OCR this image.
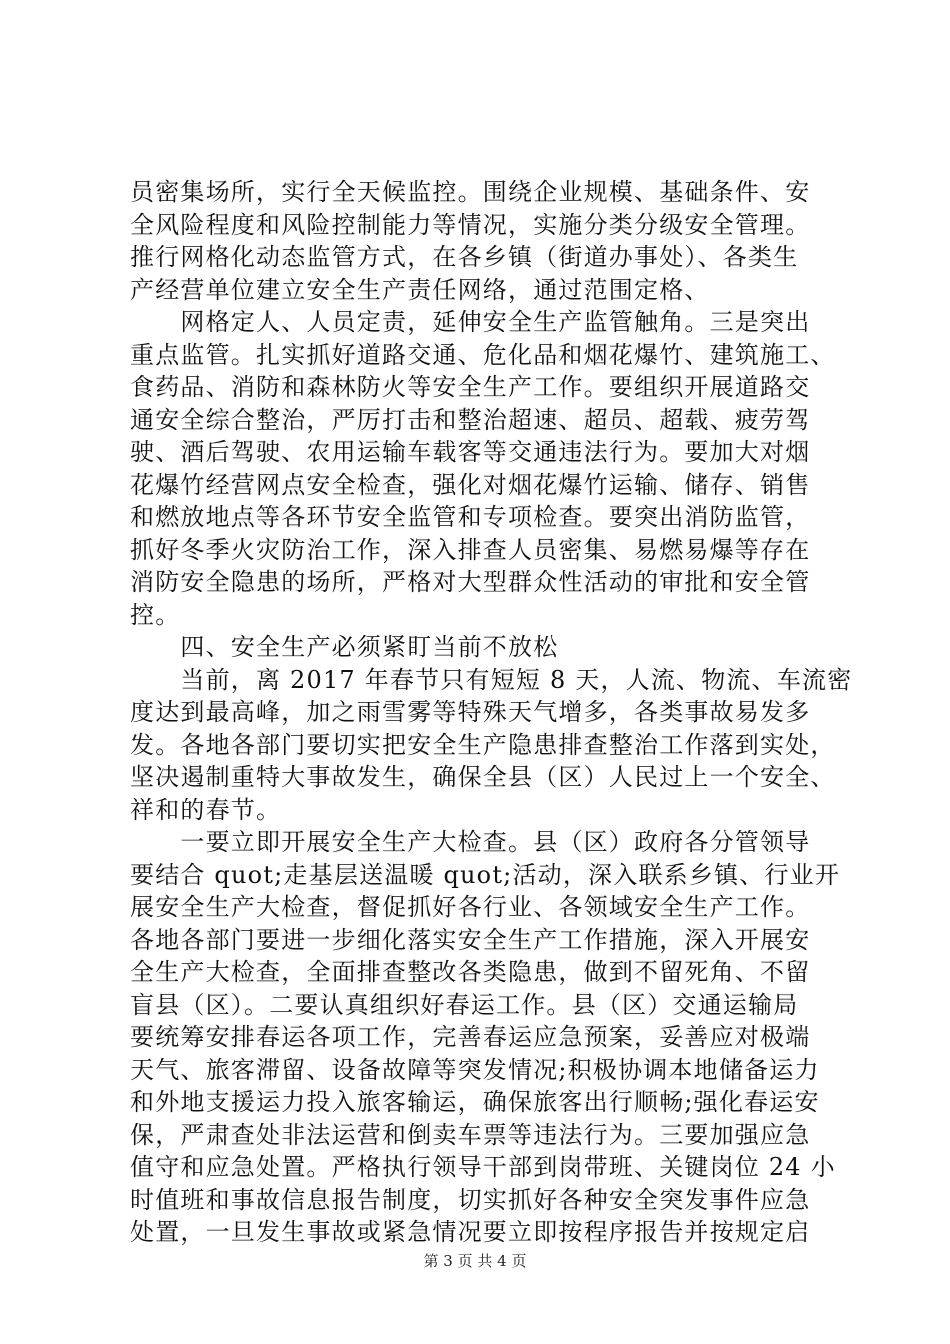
员密集场所，实行全天候监控。围绕企业规模、基础条件、安
全风险程度和风险控制能力等情况，实施分类分级安全管理。
推行网格化动态监管方式，在各乡镇（街道办事处）、各类生
产经营单位建立安全生产责任网络，通过范围定格、
　　网格定人、人员定责，延伸安全生产监管触角。三是突出
重点监管。扎实抓好道路交通、危化品和烟花爆竹、建筑施工、
食药品、消防和森林防火等安全生产工作。要组织开展道路交
通安全综合整治，严厉打击和整治超速、超员、超载、疲劳驾
驶、酒后驾驶、农用运输车载客等交通违法行为。要加大对烟
花爆竹经营网点安全检查，强化对烟花爆竹运输、储存、销售
和燃放地点等各环节安全监管和专项检查。要突出消防监管，
抓好冬季火灾防治工作，深入排查人员密集、易燃易爆等存在
消防安全隐患的场所，严格对大型群众性活动的审批和安全管
控。
　　四、安全生产必须紧盯当前不放松
　　当前，离 2017 年春节只有短短 8 天，人流、物流、车流密
度达到最高峰，加之雨雪雾等特殊天气增多，各类事故易发多
发。各地各部门要切实把安全生产隐患排查整治工作落到实处，
坚决遏制重特大事故发生，确保全县（区）人民过上一个安全、
祥和的春节。
　　一要立即开展安全生产大检查。县（区）政府各分管领导
要结合 quot;走基层送温暖 quot;活动，深入联系乡镇、行业开
展安全生产大检查，督促抓好各行业、各领域安全生产工作。
各地各部门要进一步细化落实安全生产工作措施，深入开展安
全生产大检查，全面排查整改各类隐患，做到不留死角、不留
盲县（区）。二要认真组织好春运工作。县（区）交通运输局
要统筹安排春运各项工作，完善春运应急预案，妥善应对极端
天气、旅客滞留、设备故障等突发情况;积极协调本地储备运力
和外地支援运力投入旅客输运，确保旅客出行顺畅;强化春运安
保，严肃查处非法运营和倒卖车票等违法行为。三要加强应急
值守和应急处置。严格执行领导干部到岗带班、关键岗位 24 小
时值班和事故信息报告制度，切实抓好各种安全突发事件应急
处置，一旦发生事故或紧急情况要立即按程序报告并按规定启
第 3 页 共 4 页
